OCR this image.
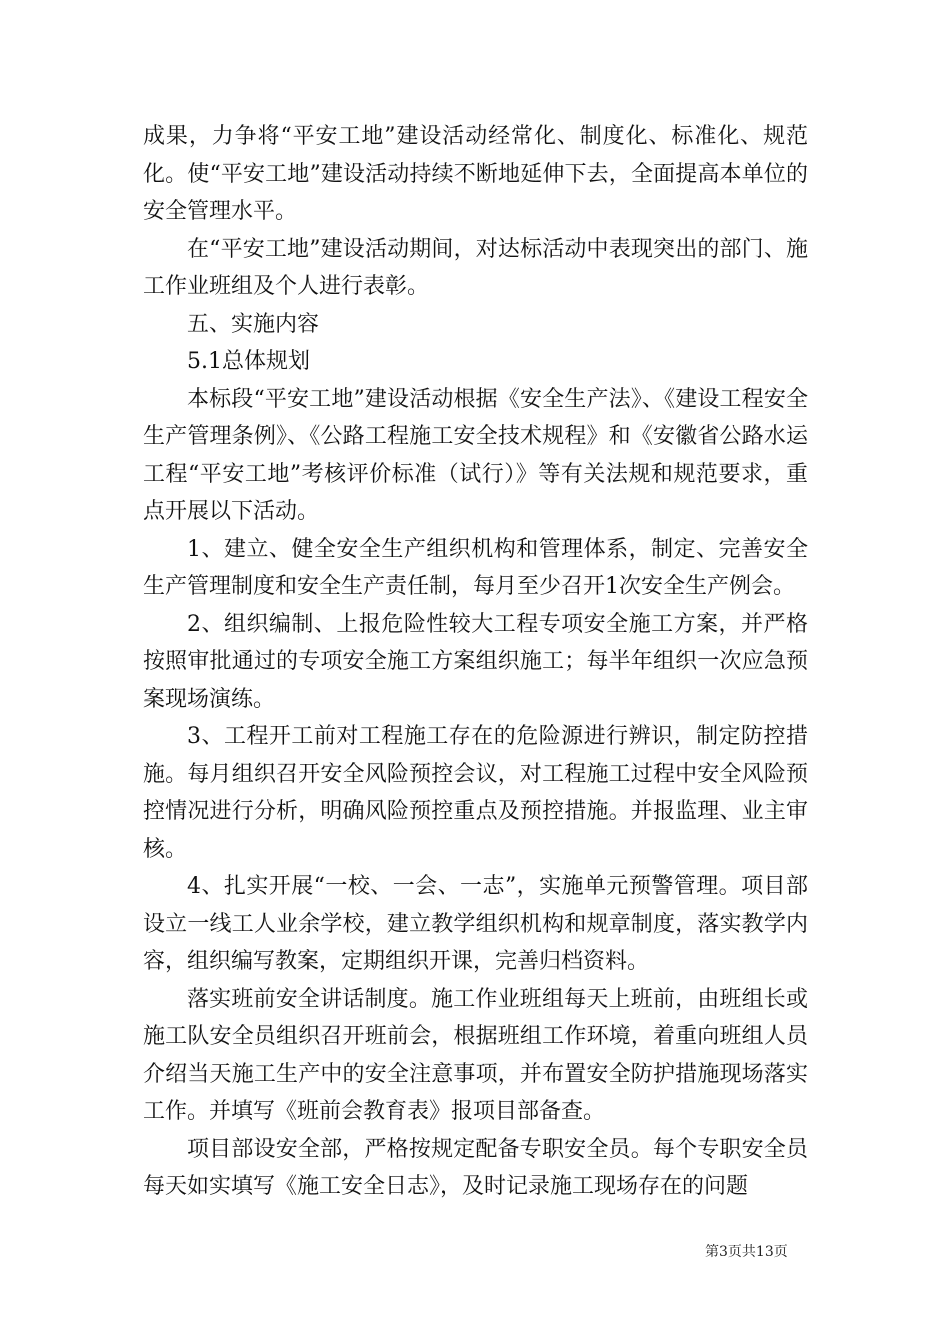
成果，力争将“平安工地”建设活动经常化、制度化、标准化、规范化。使“平安工地”建设活动持续不断地延伸下去，全面提高本单位的安全管理水平。

在“平安工地”建设活动期间，对达标活动中表现突出的部门、施工作业班组及个人进行表彰。

五、实施内容

5.1总体规划

本标段“平安工地”建设活动根据《安全生产法》、《建设工程安全生产管理条例》、《公路工程施工安全技术规程》和《安徽省公路水运工程“平安工地”考核评价标准（试行）》等有关法规和规范要求，重点开展以下活动。

1、建立、健全安全生产组织机构和管理体系，制定、完善安全生产管理制度和安全生产责任制，每月至少召开1次安全生产例会。

2、组织编制、上报危险性较大工程专项安全施工方案，并严格按照审批通过的专项安全施工方案组织施工；每半年组织一次应急预案现场演练。

3、工程开工前对工程施工存在的危险源进行辨识，制定防控措施。每月组织召开安全风险预控会议，对工程施工过程中安全风险预控情况进行分析，明确风险预控重点及预控措施。并报监理、业主审核。

4、扎实开展“一校、一会、一志”，实施单元预警管理。项目部设立一线工人业余学校，建立教学组织机构和规章制度，落实教学内容，组织编写教案，定期组织开课，完善归档资料。

落实班前安全讲话制度。施工作业班组每天上班前，由班组长或施工队安全员组织召开班前会，根据班组工作环境，着重向班组人员介绍当天施工生产中的安全注意事项，并布置安全防护措施现场落实工作。并填写《班前会教育表》报项目部备查。

项目部设安全部，严格按规定配备专职安全员。每个专职安全员每天如实填写《施工安全日志》，及时记录施工现场存在的问题

第3页共13页
